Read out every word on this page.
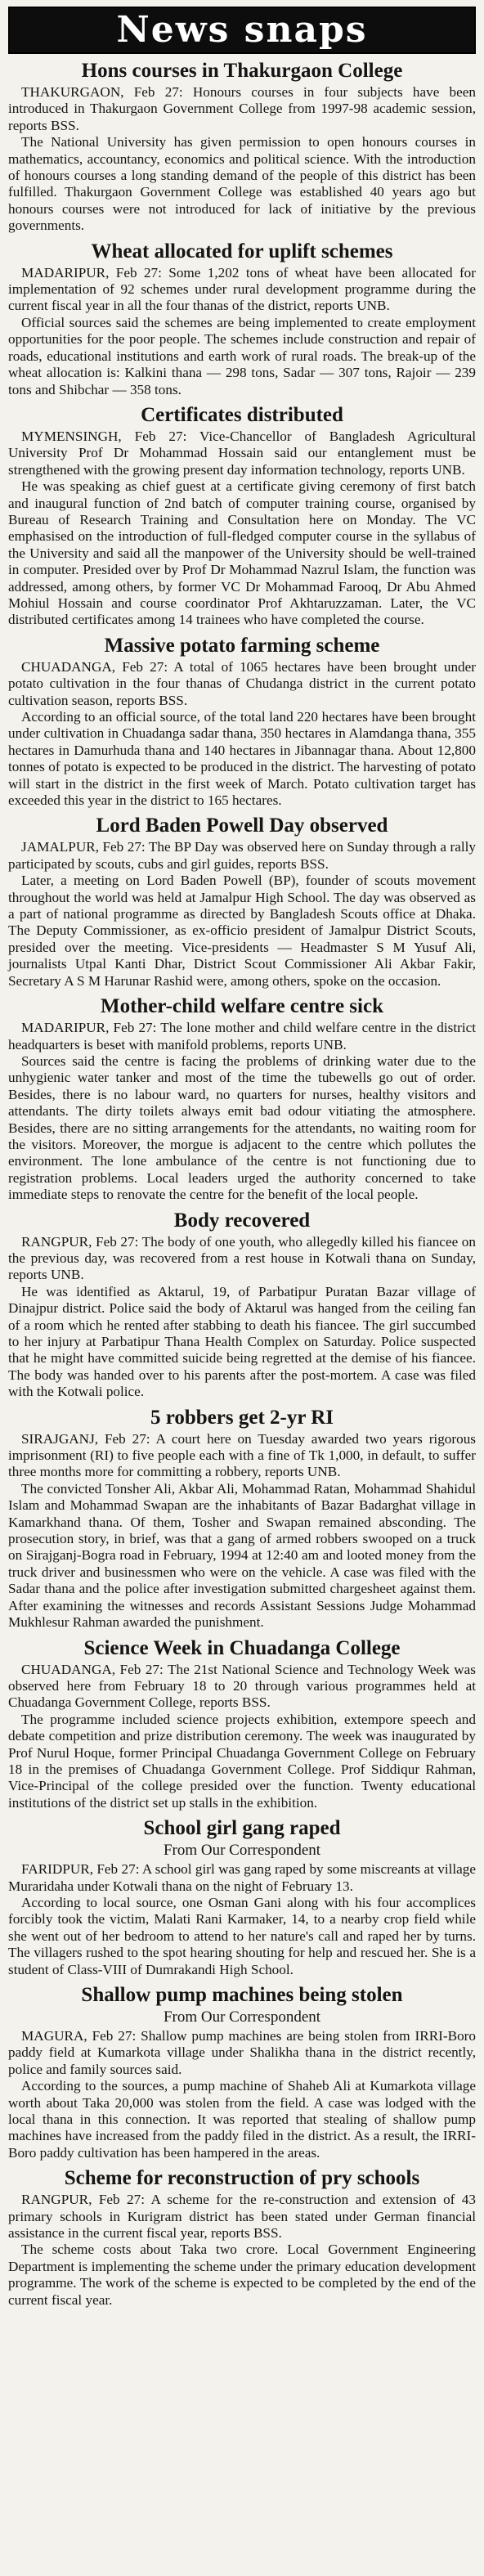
News snaps
Hons courses in Thakurgaon College

THAKURGAON, Feb 27: Honours courses in four subjects have been introduced in Thakurgaon Government College from 1997-98 academic session, reports BSS.

The National University has given permission to open honours courses in mathematics, accountancy, economics and political science. With the introduction of honours courses a long standing demand of the people of this district has been fulfilled. Thakurgaon Government College was established 40 years ago but honours courses were not introduced for lack of initiative by the previous governments.

Wheat allocated for uplift schemes

MADARIPUR, Feb 27: Some 1,202 tons of wheat have been allocated for implementation of 92 schemes under rural development programme during the current fiscal year in all the four thanas of the district, reports UNB.

Official sources said the schemes are being implemented to create employment opportunities for the poor people. The schemes include construction and repair of roads, educational institutions and earth work of rural roads. The break-up of the wheat allocation is: Kalkini thana — 298 tons, Sadar — 307 tons, Rajoir — 239 tons and Shibchar — 358 tons.

Certificates distributed

MYMENSINGH, Feb 27: Vice-Chancellor of Bangladesh Agricultural University Prof Dr Mohammad Hossain said our entanglement must be strengthened with the growing present day information technology, reports UNB.

He was speaking as chief guest at a certificate giving ceremony of first batch and inaugural function of 2nd batch of computer training course, organised by Bureau of Research Training and Consultation here on Monday. The VC emphasised on the introduction of full-fledged computer course in the syllabus of the University and said all the manpower of the University should be well-trained in computer. Presided over by Prof Dr Mohammad Nazrul Islam, the function was addressed, among others, by former VC Dr Mohammad Farooq, Dr Abu Ahmed Mohiul Hossain and course coordinator Prof Akhtaruzzaman. Later, the VC distributed certificates among 14 trainees who have completed the course.

Massive potato farming scheme

CHUADANGA, Feb 27: A total of 1065 hectares have been brought under potato cultivation in the four thanas of Chudanga district in the current potato cultivation season, reports BSS.

According to an official source, of the total land 220 hectares have been brought under cultivation in Chuadanga sadar thana, 350 hectares in Alamdanga thana, 355 hectares in Damurhuda thana and 140 hectares in Jibannagar thana. About 12,800 tonnes of potato is expected to be produced in the district. The harvesting of potato will start in the district in the first week of March. Potato cultivation target has exceeded this year in the district to 165 hectares.

Lord Baden Powell Day observed

JAMALPUR, Feb 27: The BP Day was observed here on Sunday through a rally participated by scouts, cubs and girl guides, reports BSS.

Later, a meeting on Lord Baden Powell (BP), founder of scouts movement throughout the world was held at Jamalpur High School. The day was observed as a part of national programme as directed by Bangladesh Scouts office at Dhaka. The Deputy Commissioner, as ex-officio president of Jamalpur District Scouts, presided over the meeting. Vice-presidents — Headmaster S M Yusuf Ali, journalists Utpal Kanti Dhar, District Scout Commissioner Ali Akbar Fakir, Secretary A S M Harunar Rashid were, among others, spoke on the occasion.

Mother-child welfare centre sick

MADARIPUR, Feb 27: The lone mother and child welfare centre in the district headquarters is beset with manifold problems, reports UNB.

Sources said the centre is facing the problems of drinking water due to the unhygienic water tanker and most of the time the tubewells go out of order. Besides, there is no labour ward, no quarters for nurses, healthy visitors and attendants. The dirty toilets always emit bad odour vitiating the atmosphere. Besides, there are no sitting arrangements for the attendants, no waiting room for the visitors. Moreover, the morgue is adjacent to the centre which pollutes the environment. The lone ambulance of the centre is not functioning due to registration problems. Local leaders urged the authority concerned to take immediate steps to renovate the centre for the benefit of the local people.

Body recovered

RANGPUR, Feb 27: The body of one youth, who allegedly killed his fiancee on the previous day, was recovered from a rest house in Kotwali thana on Sunday, reports UNB.

He was identified as Aktarul, 19, of Parbatipur Puratan Bazar village of Dinajpur district. Police said the body of Aktarul was hanged from the ceiling fan of a room which he rented after stabbing to death his fiancee. The girl succumbed to her injury at Parbatipur Thana Health Complex on Saturday. Police suspected that he might have committed suicide being regretted at the demise of his fiancee. The body was handed over to his parents after the post-mortem. A case was filed with the Kotwali police.

5 robbers get 2-yr RI

SIRAJGANJ, Feb 27: A court here on Tuesday awarded two years rigorous imprisonment (RI) to five people each with a fine of Tk 1,000, in default, to suffer three months more for committing a robbery, reports UNB.

The convicted Tonsher Ali, Akbar Ali, Mohammad Ratan, Mohammad Shahidul Islam and Mohammad Swapan are the inhabitants of Bazar Badarghat village in Kamarkhand thana. Of them, Tosher and Swapan remained absconding. The prosecution story, in brief, was that a gang of armed robbers swooped on a truck on Sirajganj-Bogra road in February, 1994 at 12:40 am and looted money from the truck driver and businessmen who were on the vehicle. A case was filed with the Sadar thana and the police after investigation submitted chargesheet against them. After examining the witnesses and records Assistant Sessions Judge Mohammad Mukhlesur Rahman awarded the punishment.

Science Week in Chuadanga College

CHUADANGA, Feb 27: The 21st National Science and Technology Week was observed here from February 18 to 20 through various programmes held at Chuadanga Government College, reports BSS.

The programme included science projects exhibition, extempore speech and debate competition and prize distribution ceremony. The week was inaugurated by Prof Nurul Hoque, former Principal Chuadanga Government College on February 18 in the premises of Chuadanga Government College. Prof Siddiqur Rahman, Vice-Principal of the college presided over the function. Twenty educational institutions of the district set up stalls in the exhibition.

School girl gang raped
From Our Correspondent

FARIDPUR, Feb 27: A school girl was gang raped by some miscreants at village Muraridaha under Kotwali thana on the night of February 13.

According to local source, one Osman Gani along with his four accomplices forcibly took the victim, Malati Rani Karmaker, 14, to a nearby crop field while she went out of her bedroom to attend to her nature's call and raped her by turns. The villagers rushed to the spot hearing shouting for help and rescued her. She is a student of Class-VIII of Dumrakandi High School.

Shallow pump machines being stolen
From Our Correspondent

MAGURA, Feb 27: Shallow pump machines are being stolen from IRRI-Boro paddy field at Kumarkota village under Shalikha thana in the district recently, police and family sources said.

According to the sources, a pump machine of Shaheb Ali at Kumarkota village worth about Taka 20,000 was stolen from the field. A case was lodged with the local thana in this connection. It was reported that stealing of shallow pump machines have increased from the paddy filed in the district. As a result, the IRRI-Boro paddy cultivation has been hampered in the areas.

Scheme for reconstruction of pry schools

RANGPUR, Feb 27: A scheme for the re-construction and extension of 43 primary schools in Kurigram district has been stated under German financial assistance in the current fiscal year, reports BSS.

The scheme costs about Taka two crore. Local Government Engineering Department is implementing the scheme under the primary education development programme. The work of the scheme is expected to be completed by the end of the current fiscal year.
